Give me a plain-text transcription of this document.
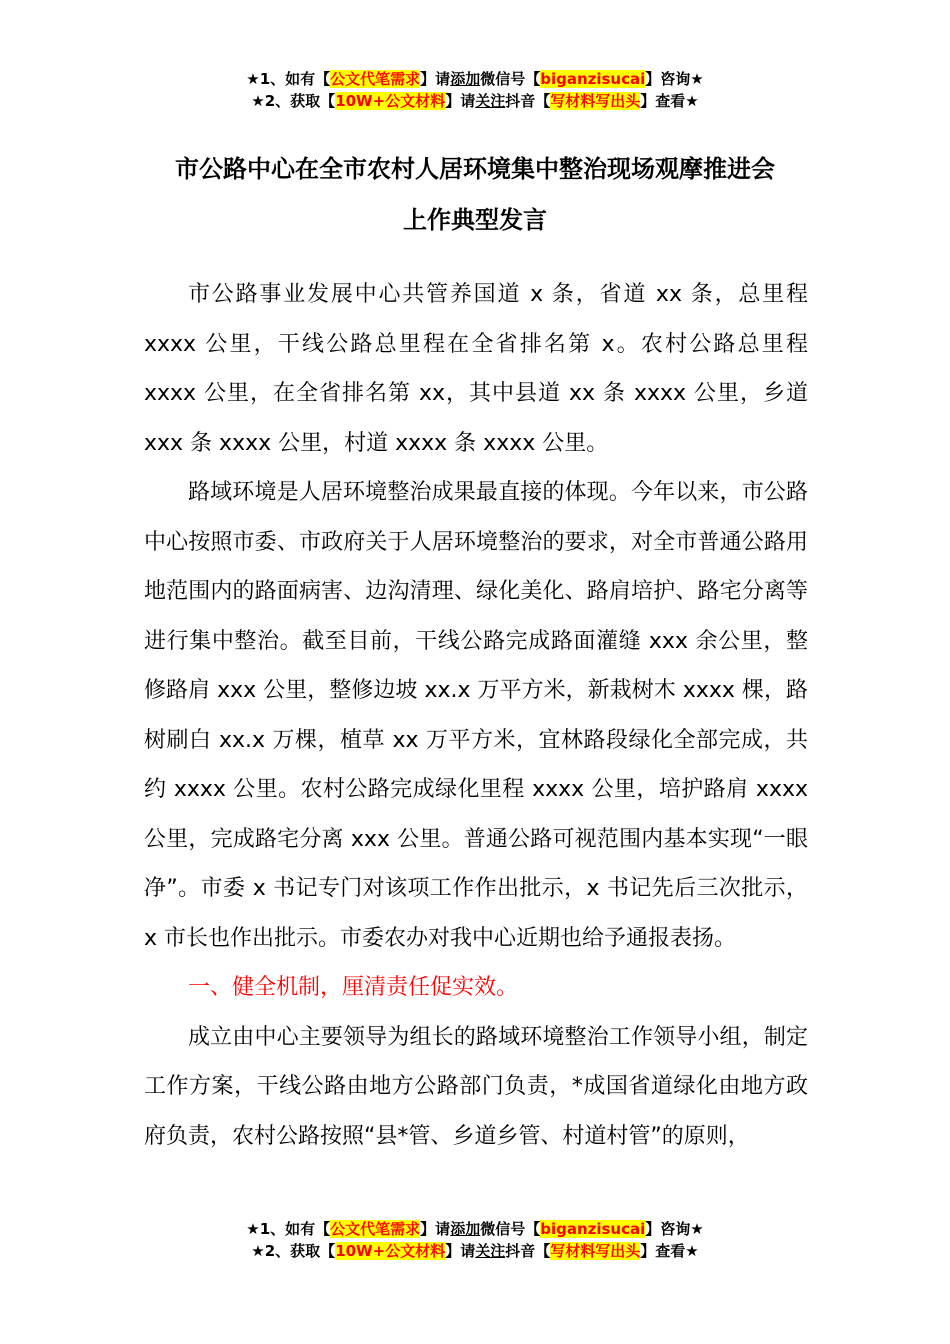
★1、如有【公文代笔需求】请添加微信号【biganzisucai】咨询★
★2、获取【10W+公文材料】请关注抖音【写材料写出头】查看★
市公路中心在全市农村人居环境集中整治现场观摩推进会
上作典型发言

市公路事业发展中心共管养国道 x 条，省道 xx 条，总里程 xxxx 公里，干线公路总里程在全省排名第 x。农村公路总里程 xxxx 公里，在全省排名第 xx，其中县道 xx 条 xxxx 公里，乡道 xxx 条 xxxx 公里，村道 xxxx 条 xxxx 公里。

路域环境是人居环境整治成果最直接的体现。今年以来，市公路中心按照市委、市政府关于人居环境整治的要求，对全市普通公路用地范围内的路面病害、边沟清理、绿化美化、路肩培护、路宅分离等进行集中整治。截至目前，干线公路完成路面灌缝 xxx 余公里，整修路肩 xxx 公里，整修边坡 xx.x 万平方米，新栽树木 xxxx 棵，路树刷白 xx.x 万棵，植草 xx 万平方米，宜林路段绿化全部完成，共约 xxxx 公里。农村公路完成绿化里程 xxxx 公里，培护路肩 xxxx 公里，完成路宅分离 xxx 公里。普通公路可视范围内基本实现“一眼净”。市委 x 书记专门对该项工作作出批示，x 书记先后三次批示，x 市长也作出批示。市委农办对我中心近期也给予通报表扬。

一、健全机制，厘清责任促实效。

成立由中心主要领导为组长的路域环境整治工作领导小组，制定工作方案，干线公路由地方公路部门负责，*成国省道绿化由地方政府负责，农村公路按照“县*管、乡道乡管、村道村管”的原则，

★1、如有【公文代笔需求】请添加微信号【biganzisucai】咨询★
★2、获取【10W+公文材料】请关注抖音【写材料写出头】查看★
